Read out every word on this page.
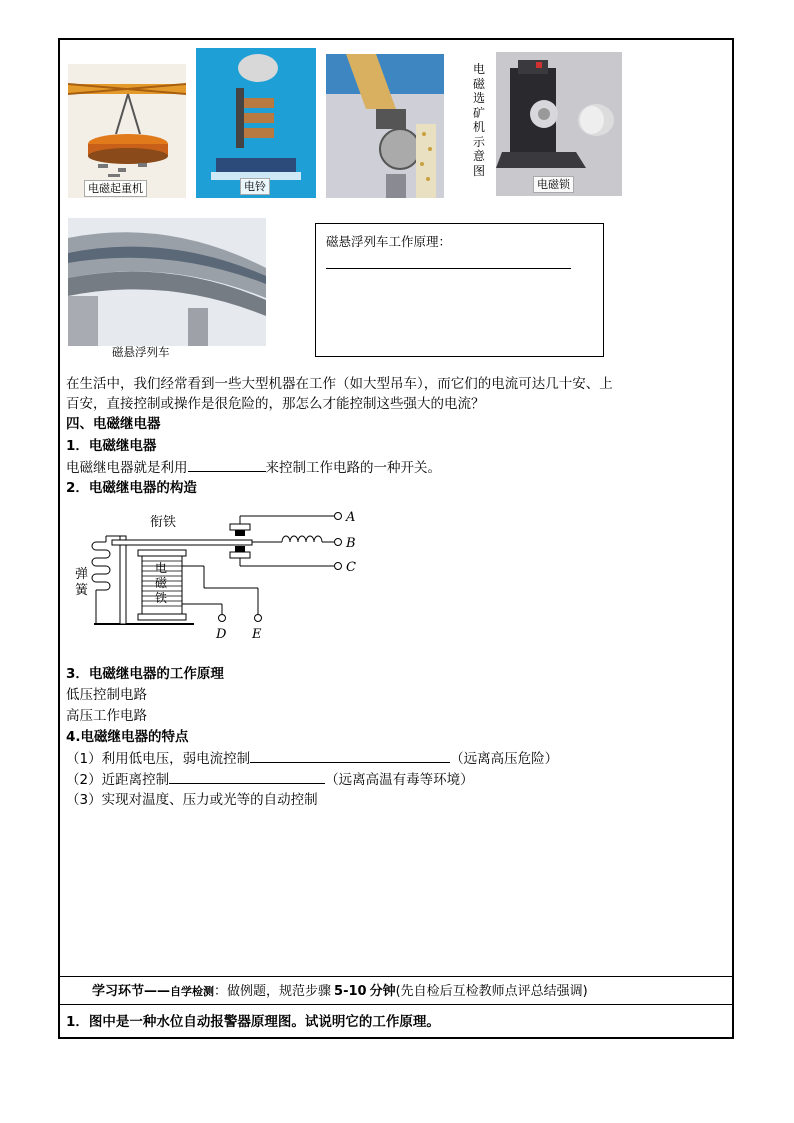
电磁起重机	电铃
电
磁
选
矿
机
示
意
图
电磁锁
磁悬浮列车
磁悬浮列车工作原理：
在生活中，我们经常看到一些大型机器在工作（如大型吊车），而它们的电流可达几十安、上
百安，直接控制或操作是很危险的，那怎么才能控制这些强大的电流？
四、电磁继电器
1．电磁继电器
电磁继电器就是利用	来控制工作电路的一种开关。
2．电磁继电器的构造
衔铁
弹
簧
电
磁
铁
A
B
C
D E
3．电磁继电器的工作原理
低压控制电路
高压工作电路
4.电磁继电器的特点
（1）利用低电压，弱电流控制	（远离高压危险）
（2）近距离控制	（远离高温有毒等环境）
（3）实现对温度、压力或光等的自动控制
学习环节——自学检测：做例题，规范步骤 5-10 分钟(先自检后互检教师点评总结强调)
1．图中是一种水位自动报警器原理图。试说明它的工作原理。
